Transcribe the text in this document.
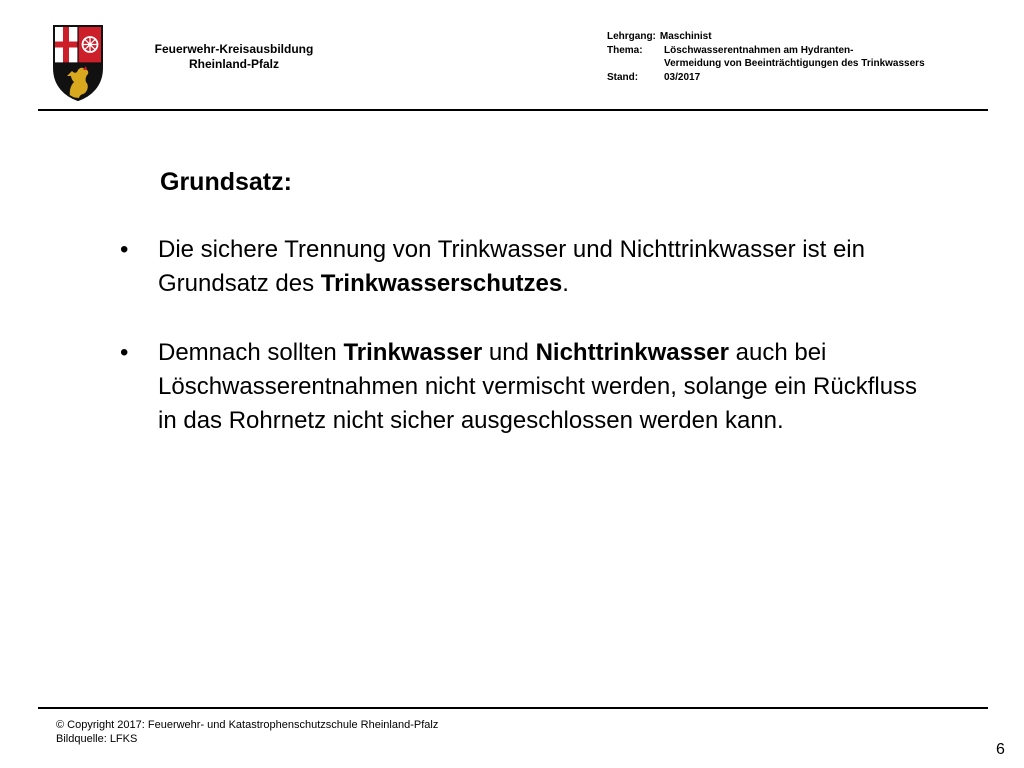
Feuerwehr-Kreisausbildung
Rheinland-Pfalz
Lehrgang: Maschinist
Thema:	Löschwasserentnahmen am Hydranten-
Vermeidung von Beeinträchtigungen des Trinkwassers
Stand:	03/2017
Grundsatz:
• Die sichere Trennung von Trinkwasser und Nichttrinkwasser ist ein Grundsatz des Trinkwasserschutzes.
• Demnach sollten Trinkwasser und Nichttrinkwasser auch bei Löschwasserentnahmen nicht vermischt werden, solange ein Rückfluss in das Rohrnetz nicht sicher ausgeschlossen werden kann.
© Copyright 2017: Feuerwehr- und Katastrophenschutzschule Rheinland-Pfalz
Bildquelle: LFKS
6
